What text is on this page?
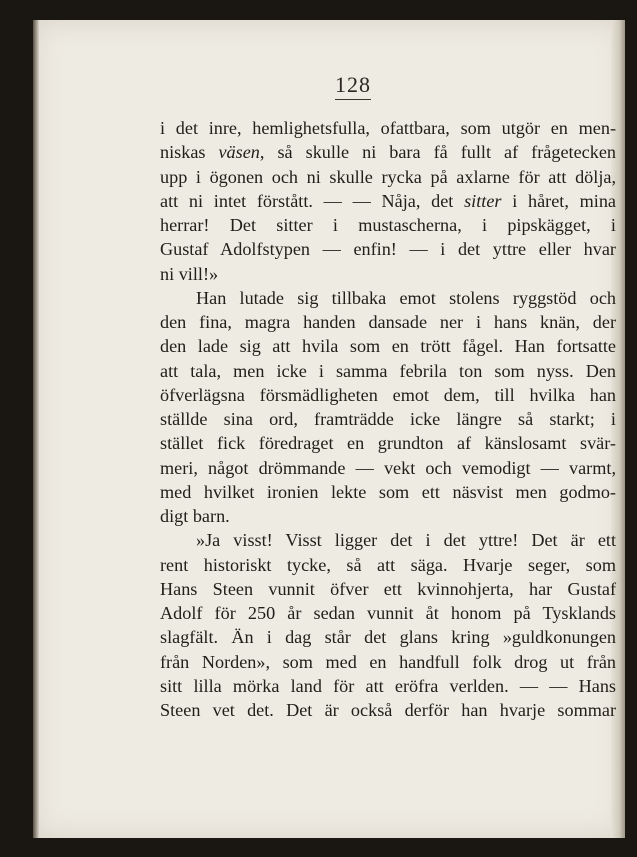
128
i det inre, hemlighetsfulla, ofattbara, som utgör en men-
niskas väsen, så skulle ni bara få fullt af frågetecken
upp i ögonen och ni skulle rycka på axlarne för att dölja,
att ni intet förstått. — — Nåja, det sitter i håret, mina
herrar! Det sitter i mustascherna, i pipskägget, i
Gustaf Adolfstypen — enfin! — i det yttre eller hvar
ni vill!»
Han lutade sig tillbaka emot stolens ryggstöd och
den fina, magra handen dansade ner i hans knän, der
den lade sig att hvila som en trött fågel. Han fortsatte
att tala, men icke i samma febrila ton som nyss. Den
öfverlägsna försmädligheten emot dem, till hvilka han
ställde sina ord, framträdde icke längre så starkt; i
stället fick föredraget en grundton af känslosamt svär-
meri, något drömmande — vekt och vemodigt — varmt,
med hvilket ironien lekte som ett näsvist men godmo-
digt barn.
»Ja visst! Visst ligger det i det yttre! Det är ett
rent historiskt tycke, så att säga. Hvarje seger, som
Hans Steen vunnit öfver ett kvinnohjerta, har Gustaf
Adolf för 250 år sedan vunnit åt honom på Tysklands
slagfält. Än i dag står det glans kring »guldkonungen
från Norden», som med en handfull folk drog ut från
sitt lilla mörka land för att eröfra verlden. — — Hans
Steen vet det. Det är också derför han hvarje sommar
